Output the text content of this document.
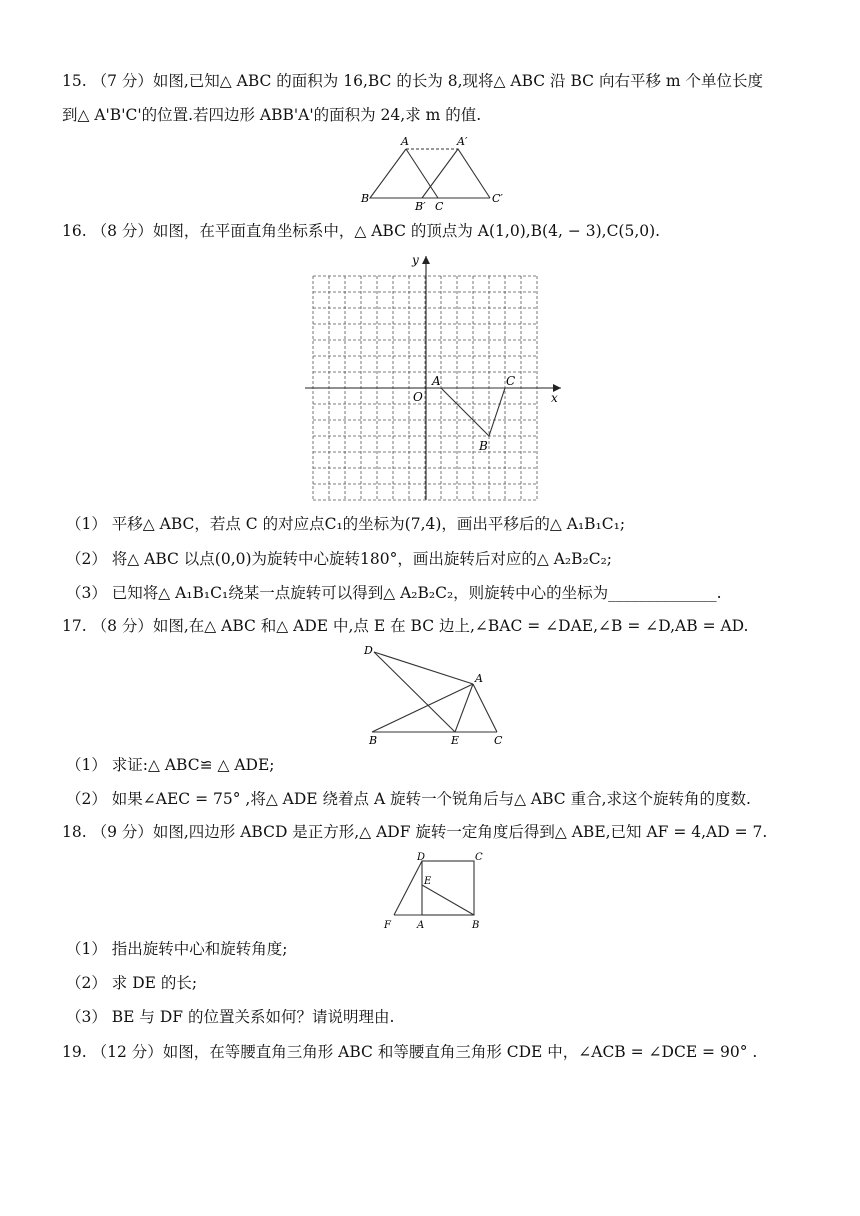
15. （7 分）如图,已知△ ABC 的面积为 16,BC 的长为 8,现将△ ABC 沿 BC 向右平移 m 个单位长度
到△ A'B'C'的位置.若四边形 ABB'A'的面积为 24,求 m 的值.
A	A′
B
B′ C
C′
16. （8 分）如图，在平面直角坐标系中，△ ABC 的顶点为 A(1,0),B(4, − 3),C(5,0).
y
x
O
A
B
C
（1） 平移△ ABC，若点 C 的对应点C₁的坐标为(7,4)，画出平移后的△ A₁B₁C₁;
（2） 将△ ABC 以点(0,0)为旋转中心旋转180°，画出旋转后对应的△ A₂B₂C₂;
（3） 已知将△ A₁B₁C₁绕某一点旋转可以得到△ A₂B₂C₂，则旋转中心的坐标为______________.
17. （8 分）如图,在△ ABC 和△ ADE 中,点 E 在 BC 边上,∠BAC = ∠DAE,∠B = ∠D,AB = AD.
D
A
B	E	C
（1） 求证:△ ABC≌ △ ADE;
（2） 如果∠AEC = 75° ,将△ ADE 绕着点 A 旋转一个锐角后与△ ABC 重合,求这个旋转角的度数.
18. （9 分）如图,四边形 ABCD 是正方形,△ ADF 旋转一定角度后得到△ ABE,已知 AF = 4,AD = 7.
D	C
E
F	A	B
（1） 指出旋转中心和旋转角度;
（2） 求 DE 的长;
（3） BE 与 DF 的位置关系如何？请说明理由.
19. （12 分）如图，在等腰直角三角形 ABC 和等腰直角三角形 CDE 中，∠ACB = ∠DCE = 90° .
